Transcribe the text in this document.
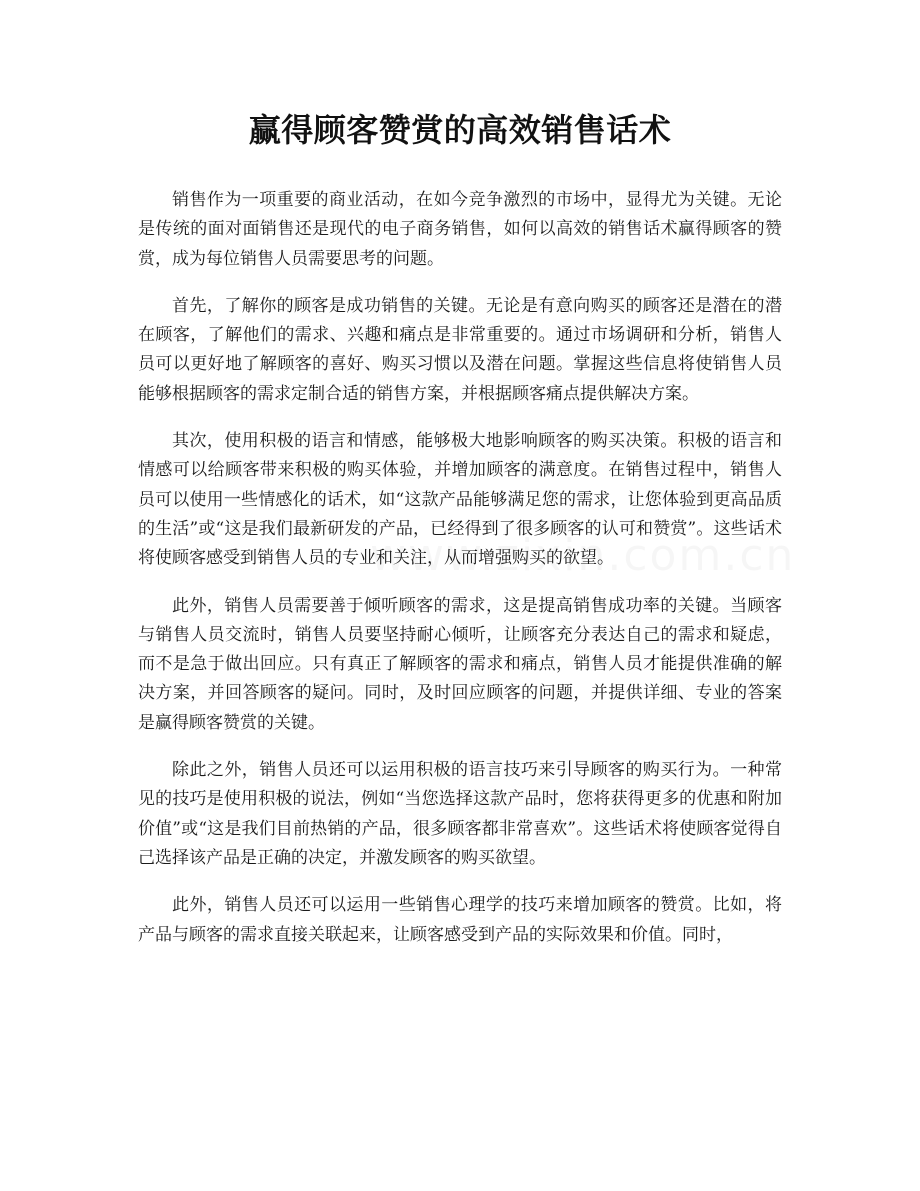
赢得顾客赞赏的高效销售话术

销售作为一项重要的商业活动，在如今竞争激烈的市场中，显得尤为关键。无论是传统的面对面销售还是现代的电子商务销售，如何以高效的销售话术赢得顾客的赞赏，成为每位销售人员需要思考的问题。

首先，了解你的顾客是成功销售的关键。无论是有意向购买的顾客还是潜在的潜在顾客，了解他们的需求、兴趣和痛点是非常重要的。通过市场调研和分析，销售人员可以更好地了解顾客的喜好、购买习惯以及潜在问题。掌握这些信息将使销售人员能够根据顾客的需求定制合适的销售方案，并根据顾客痛点提供解决方案。

其次，使用积极的语言和情感，能够极大地影响顾客的购买决策。积极的语言和情感可以给顾客带来积极的购买体验，并增加顾客的满意度。在销售过程中，销售人员可以使用一些情感化的话术，如“这款产品能够满足您的需求，让您体验到更高品质的生活”或“这是我们最新研发的产品，已经得到了很多顾客的认可和赞赏”。这些话术将使顾客感受到销售人员的专业和关注，从而增强购买的欲望。

此外，销售人员需要善于倾听顾客的需求，这是提高销售成功率的关键。当顾客与销售人员交流时，销售人员要坚持耐心倾听，让顾客充分表达自己的需求和疑虑，而不是急于做出回应。只有真正了解顾客的需求和痛点，销售人员才能提供准确的解决方案，并回答顾客的疑问。同时，及时回应顾客的问题，并提供详细、专业的答案是赢得顾客赞赏的关键。

除此之外，销售人员还可以运用积极的语言技巧来引导顾客的购买行为。一种常见的技巧是使用积极的说法，例如“当您选择这款产品时，您将获得更多的优惠和附加价值”或“这是我们目前热销的产品，很多顾客都非常喜欢”。这些话术将使顾客觉得自己选择该产品是正确的决定，并激发顾客的购买欲望。

此外，销售人员还可以运用一些销售心理学的技巧来增加顾客的赞赏。比如，将产品与顾客的需求直接关联起来，让顾客感受到产品的实际效果和价值。同时，
